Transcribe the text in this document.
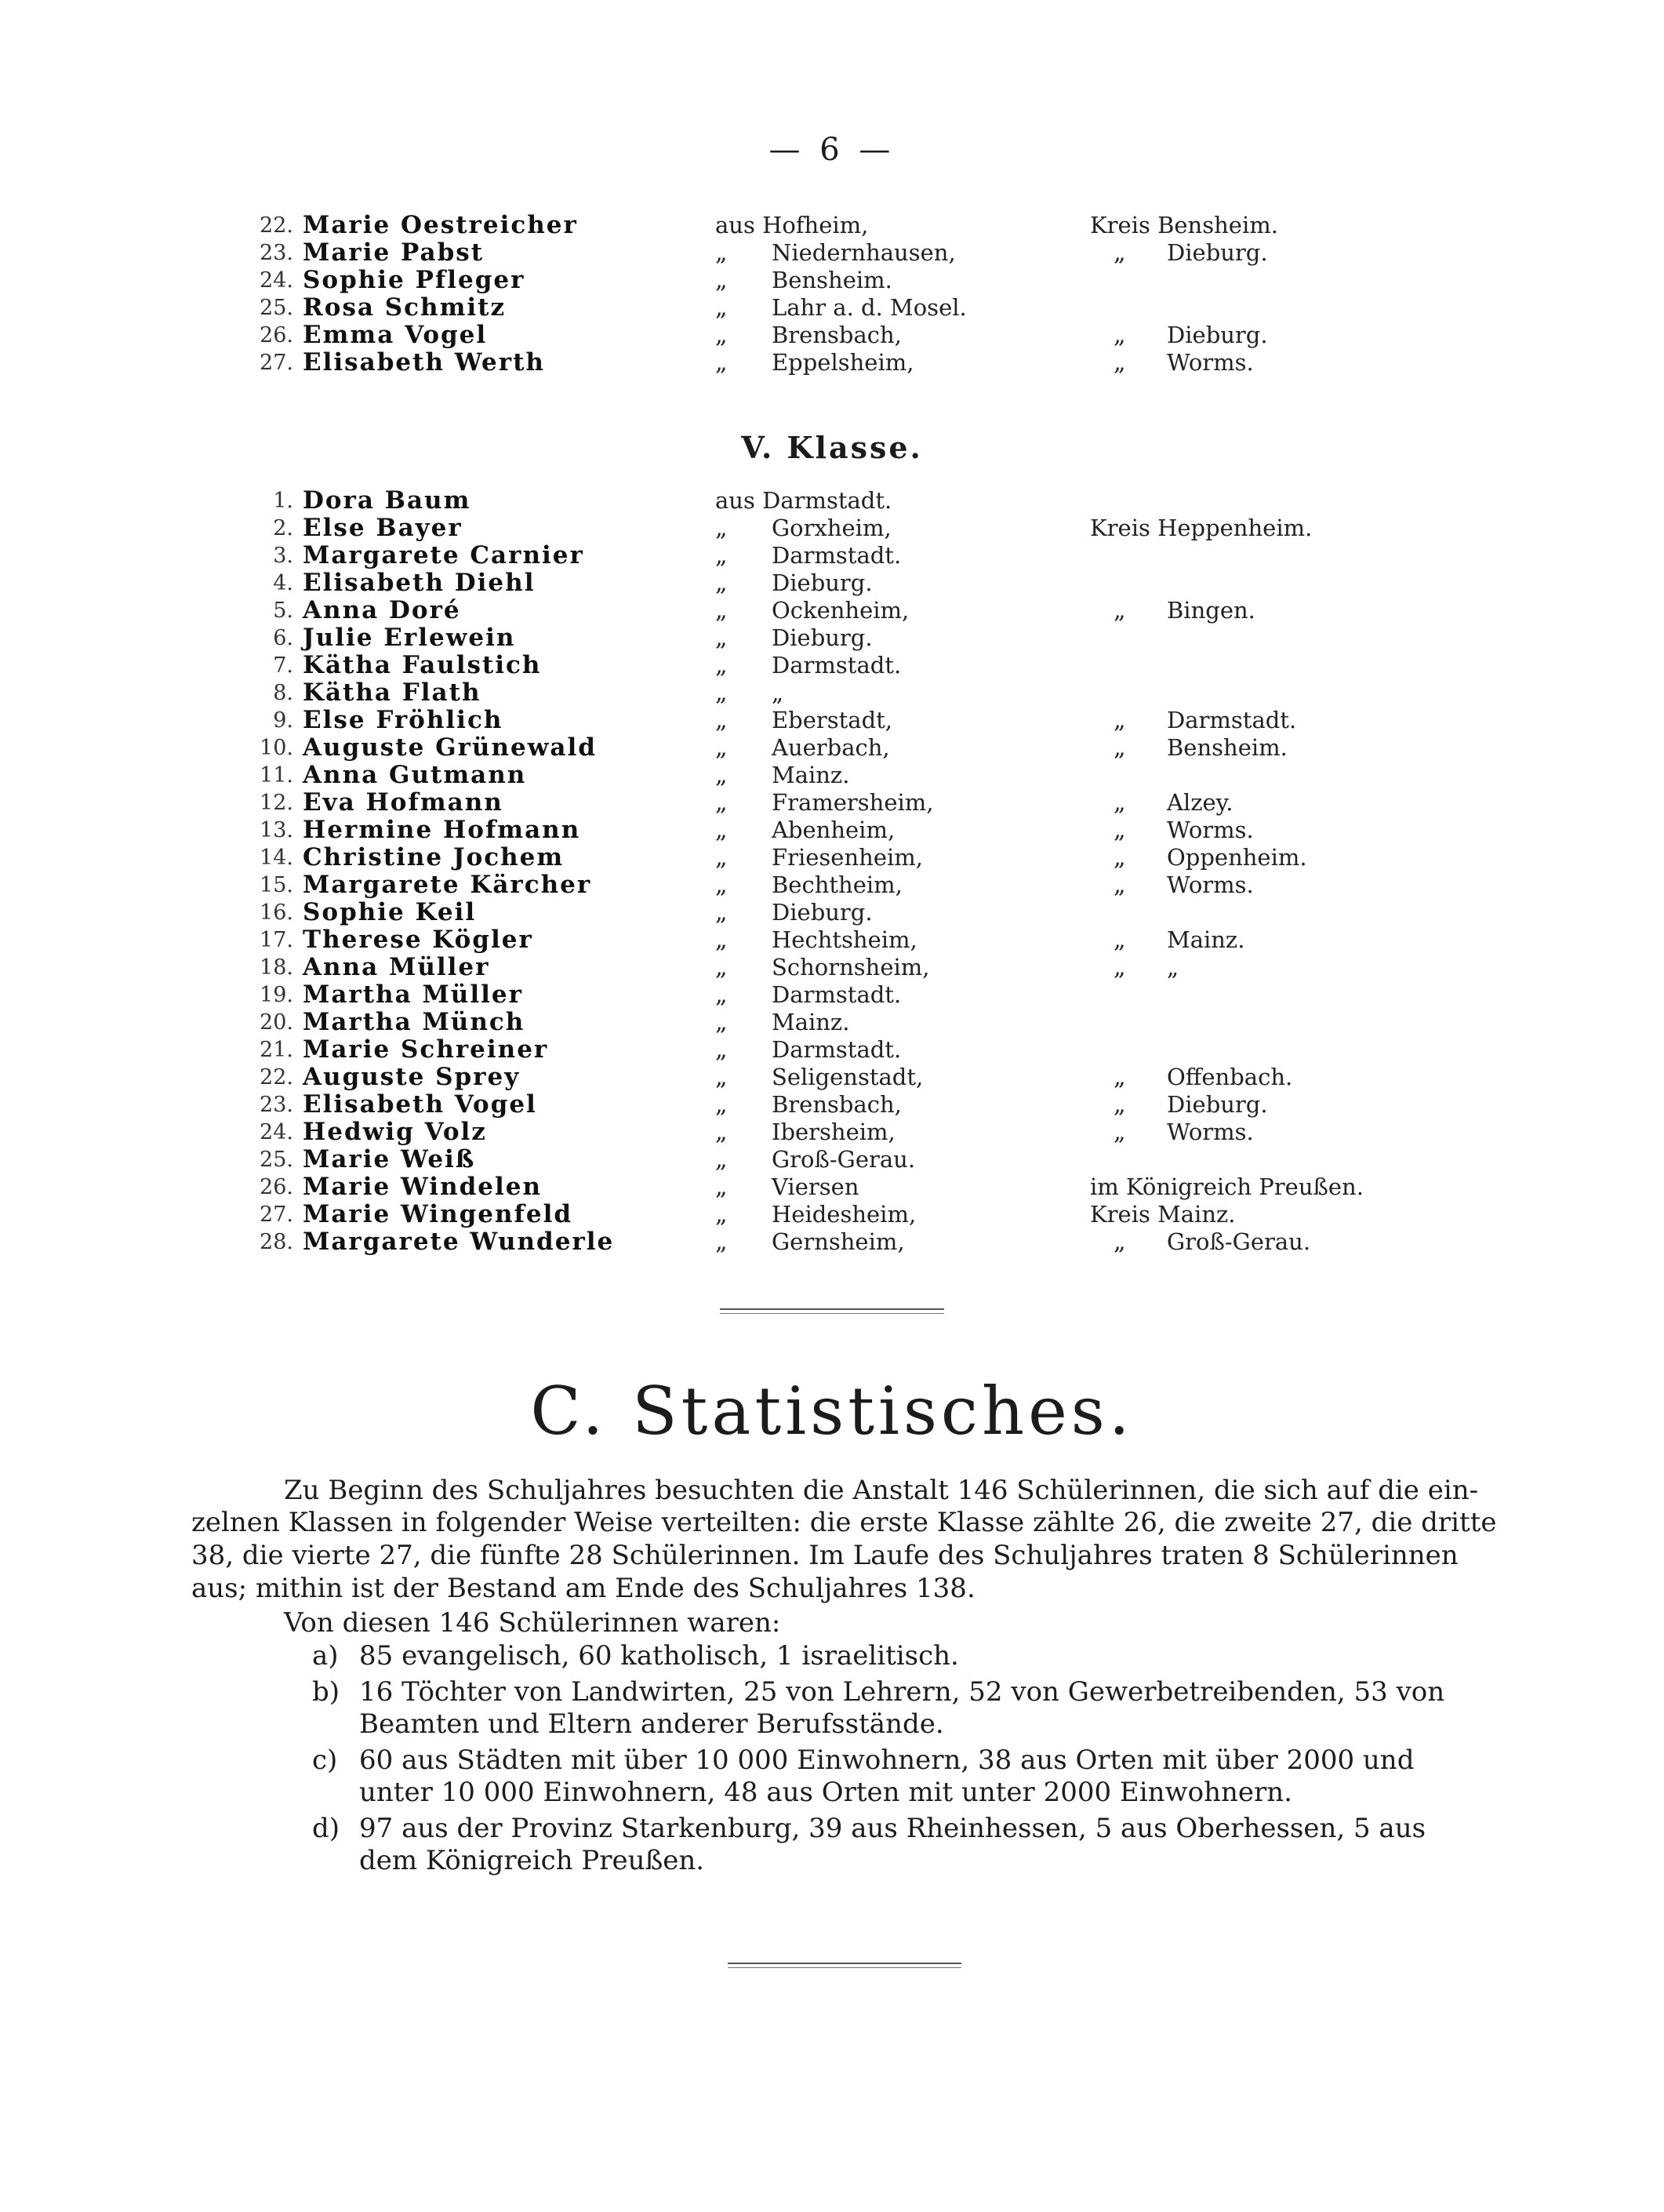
— 6 —
22. Marie Oestreicher	aus Hofheim,	Kreis Bensheim.
23. Marie Pabst	„ Niedernhausen,	„ Dieburg.
24. Sophie Pfleger	„ Bensheim.
25. Rosa Schmitz	„ Lahr a. d. Mosel.
26. Emma Vogel	„ Brensbach,	„ Dieburg.
27. Elisabeth Werth	„ Eppelsheim,	„ Worms.
V. Klasse.
1. Dora Baum	aus Darmstadt.
2. Else Bayer	„ Gorxheim,	Kreis Heppenheim.
3. Margarete Carnier	„ Darmstadt.
4. Elisabeth Diehl	„ Dieburg.
5. Anna Doré	„ Ockenheim,	„ Bingen.
6. Julie Erlewein	„ Dieburg.
7. Kätha Faulstich	„ Darmstadt.
8. Kätha Flath	„ „
9. Else Fröhlich	„ Eberstadt,	„ Darmstadt.
10. Auguste Grünewald	„ Auerbach,	„ Bensheim.
11. Anna Gutmann	„ Mainz.
12. Eva Hofmann	„ Framersheim,	„ Alzey.
13. Hermine Hofmann	„ Abenheim,	„ Worms.
14. Christine Jochem	„ Friesenheim,	„ Oppenheim.
15. Margarete Kärcher	„ Bechtheim,	„ Worms.
16. Sophie Keil	„ Dieburg.
17. Therese Kögler	„ Hechtsheim,	„ Mainz.
18. Anna Müller	„ Schornsheim,	„ „
19. Martha Müller	„ Darmstadt.
20. Martha Münch	„ Mainz.
21. Marie Schreiner	„ Darmstadt.
22. Auguste Sprey	„ Seligenstadt,	„ Offenbach.
23. Elisabeth Vogel	„ Brensbach,	„ Dieburg.
24. Hedwig Volz	„ Ibersheim,	„ Worms.
25. Marie Weiß	„ Groß-Gerau.
26. Marie Windelen	„ Viersen	im Königreich Preußen.
27. Marie Wingenfeld	„ Heidesheim,	Kreis Mainz.
28. Margarete Wunderle	„ Gernsheim,	„ Groß-Gerau.
C. Statistisches.
Zu Beginn des Schuljahres besuchten die Anstalt 146 Schülerinnen, die sich auf die ein-
zelnen Klassen in folgender Weise verteilten: die erste Klasse zählte 26, die zweite 27, die dritte
38, die vierte 27, die fünfte 28 Schülerinnen. Im Laufe des Schuljahres traten 8 Schülerinnen
aus; mithin ist der Bestand am Ende des Schuljahres 138.
Von diesen 146 Schülerinnen waren:
a) 85 evangelisch, 60 katholisch, 1 israelitisch.
b) 16 Töchter von Landwirten, 25 von Lehrern, 52 von Gewerbetreibenden, 53 von
Beamten und Eltern anderer Berufsstände.
c) 60 aus Städten mit über 10 000 Einwohnern, 38 aus Orten mit über 2000 und
unter 10 000 Einwohnern, 48 aus Orten mit unter 2000 Einwohnern.
d) 97 aus der Provinz Starkenburg, 39 aus Rheinhessen, 5 aus Oberhessen, 5 aus
dem Königreich Preußen.
